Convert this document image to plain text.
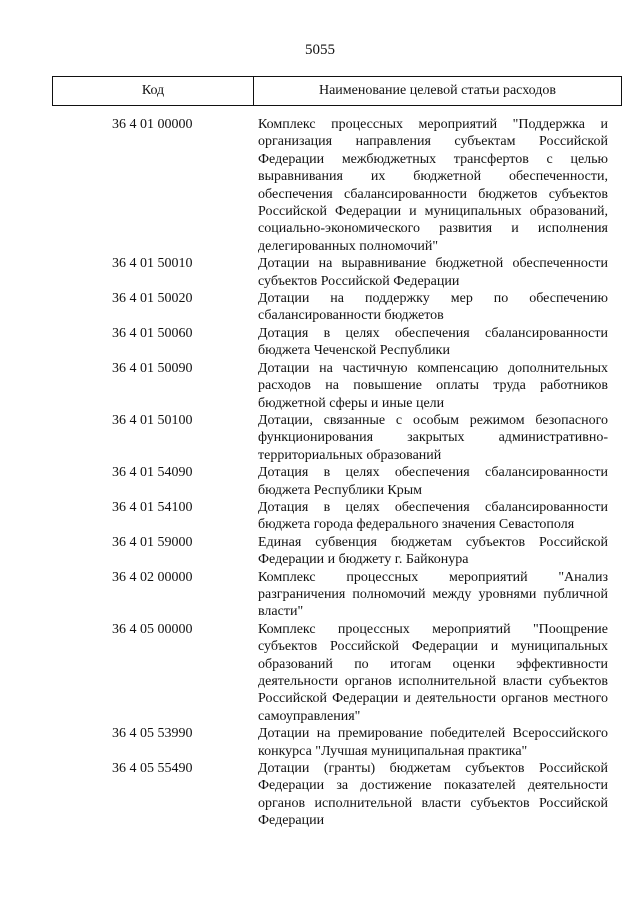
5055
Код	Наименование целевой статьи расходов
36 4 01 00000	Комплекс процессных мероприятий "Поддержка и организация направления субъектам Российской Федерации межбюджетных трансфертов с целью выравнивания их бюджетной обеспеченности, обеспечения сбалансированности бюджетов субъектов Российской Федерации и муниципальных образований, социально-экономического развития и исполнения делегированных полномочий"
36 4 01 50010	Дотации на выравнивание бюджетной обеспеченности субъектов Российской Федерации
36 4 01 50020	Дотации на поддержку мер по обеспечению сбалансированности бюджетов
36 4 01 50060	Дотация в целях обеспечения сбалансированности бюджета Чеченской Республики
36 4 01 50090	Дотации на частичную компенсацию дополнительных расходов на повышение оплаты труда работников бюджетной сферы и иные цели
36 4 01 50100	Дотации, связанные с особым режимом безопасного функционирования закрытых административно-территориальных образований
36 4 01 54090	Дотация в целях обеспечения сбалансированности бюджета Республики Крым
36 4 01 54100	Дотация в целях обеспечения сбалансированности бюджета города федерального значения Севастополя
36 4 01 59000	Единая субвенция бюджетам субъектов Российской Федерации и бюджету г. Байконура
36 4 02 00000	Комплекс процессных мероприятий "Анализ разграничения полномочий между уровнями публичной власти"
36 4 05 00000	Комплекс процессных мероприятий "Поощрение субъектов Российской Федерации и муниципальных образований по итогам оценки эффективности деятельности органов исполнительной власти субъектов Российской Федерации и деятельности органов местного самоуправления"
36 4 05 53990	Дотации на премирование победителей Всероссийского конкурса "Лучшая муниципальная практика"
36 4 05 55490	Дотации (гранты) бюджетам субъектов Российской Федерации за достижение показателей деятельности органов исполнительной власти субъектов Российской Федерации
